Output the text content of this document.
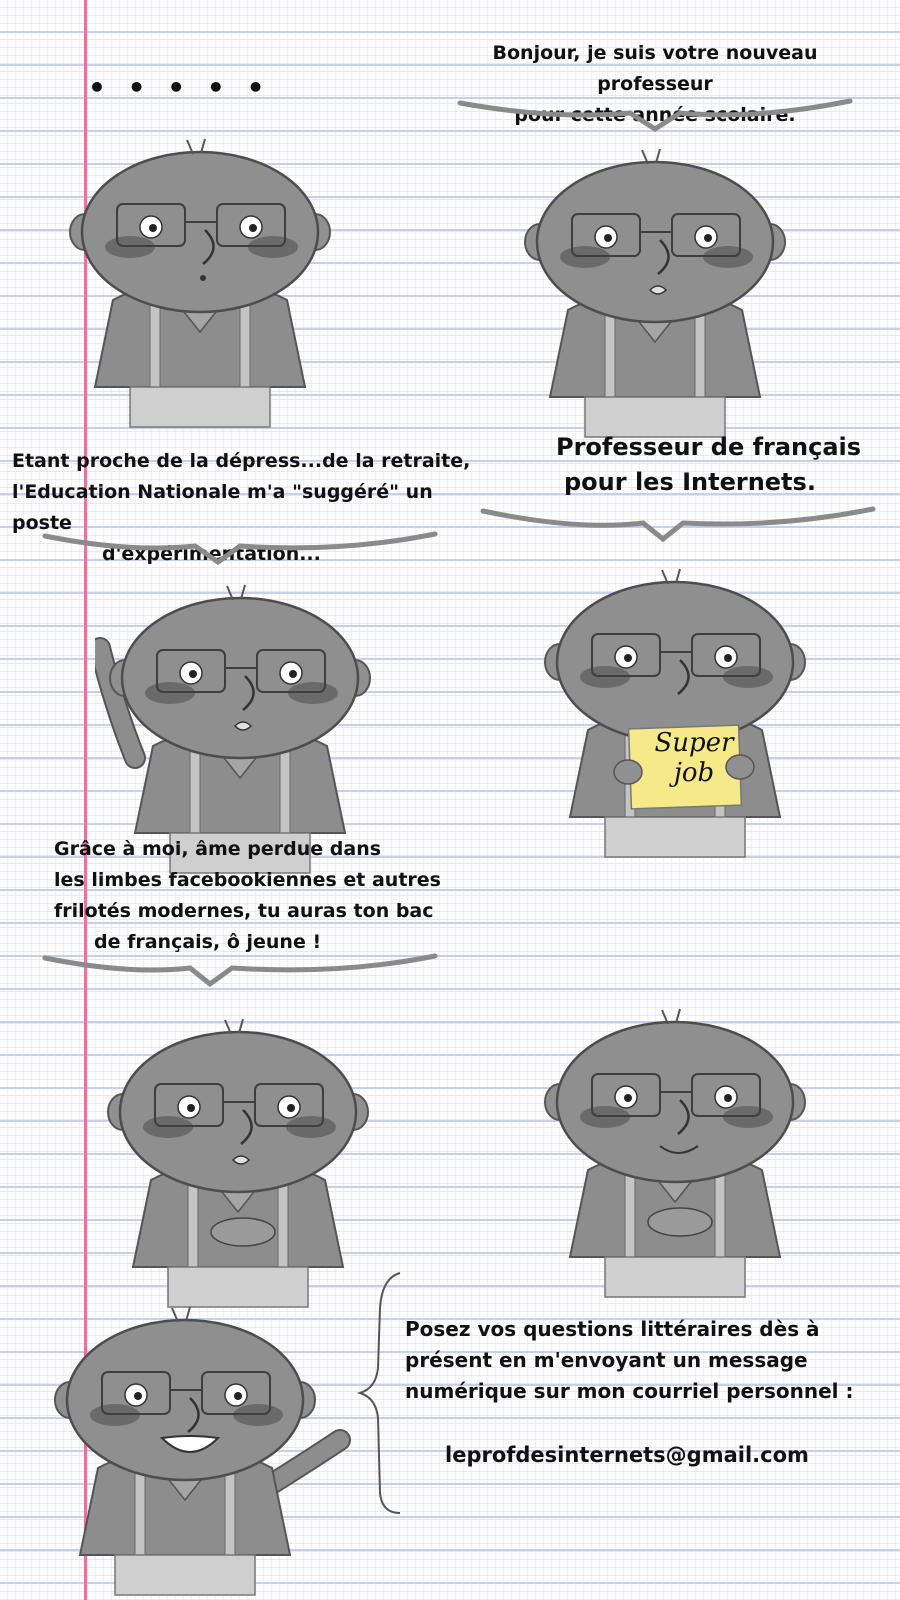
• • • • •

Bonjour, je suis votre nouveau professeur

pour cette année scolaire.

Etant proche de la dépress...de la retraite,

l'Education Nationale m'a "suggéré" un poste

d'expérimentation...

Professeur de français

pour les Internets.

Super

job

Grâce à moi, âme perdue dans

les limbes facebookiennes et autres

frilotés modernes, tu auras ton bac

de français, ô jeune !

Posez vos questions littéraires dès à

présent en m'envoyant un message

numérique sur mon courriel personnel :

leprofdesinternets@gmail.com
